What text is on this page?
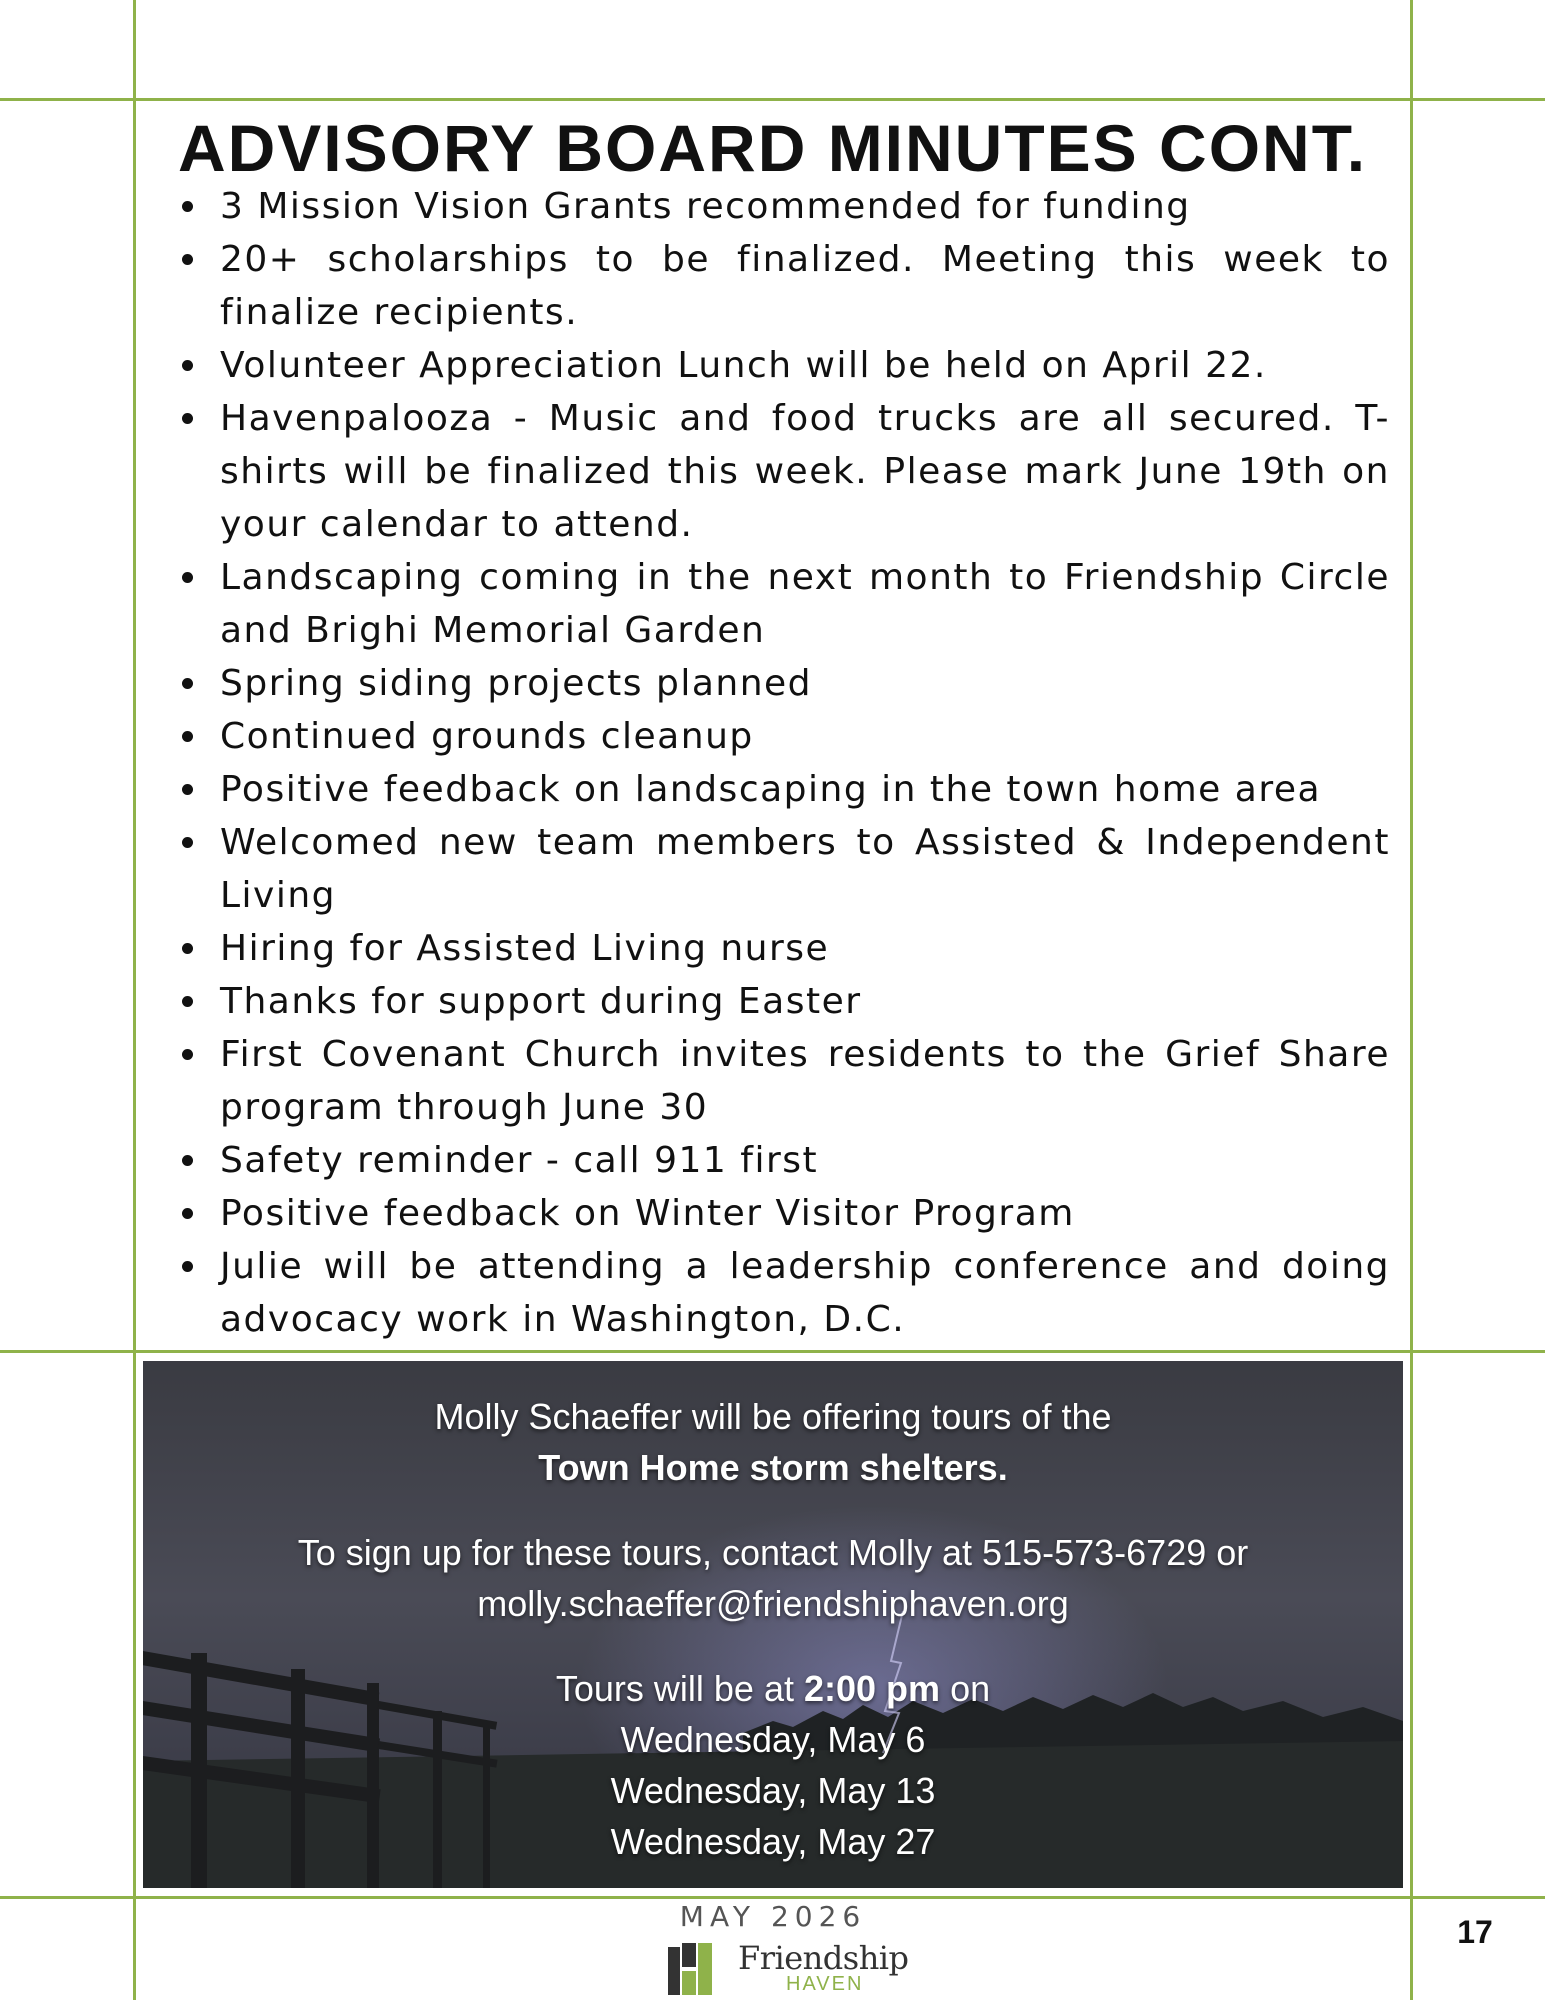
ADVISORY BOARD MINUTES CONT.
3 Mission Vision Grants recommended for funding
20+ scholarships to be finalized. Meeting this week to finalize recipients.
Volunteer Appreciation Lunch will be held on April 22.
Havenpalooza - Music and food trucks are all secured. T-shirts will be finalized this week. Please mark June 19th on your calendar to attend.
Landscaping coming in the next month to Friendship Circle and Brighi Memorial Garden
Spring siding projects planned
Continued grounds cleanup
Positive feedback on landscaping in the town home area
Welcomed new team members to Assisted & Independent Living
Hiring for Assisted Living nurse
Thanks for support during Easter
First Covenant Church invites residents to the Grief Share program through June 30
Safety reminder - call 911 first
Positive feedback on Winter Visitor Program
Julie will be attending a leadership conference and doing advocacy work in Washington, D.C.
Molly Schaeffer will be offering tours of the
Town Home storm shelters.
To sign up for these tours, contact Molly at 515-573-6729 or
molly.schaeffer@friendshiphaven.org
Tours will be at 2:00 pm on
Wednesday, May 6
Wednesday, May 13
Wednesday, May 27
MAY 2026
Friendship
HAVEN
17
